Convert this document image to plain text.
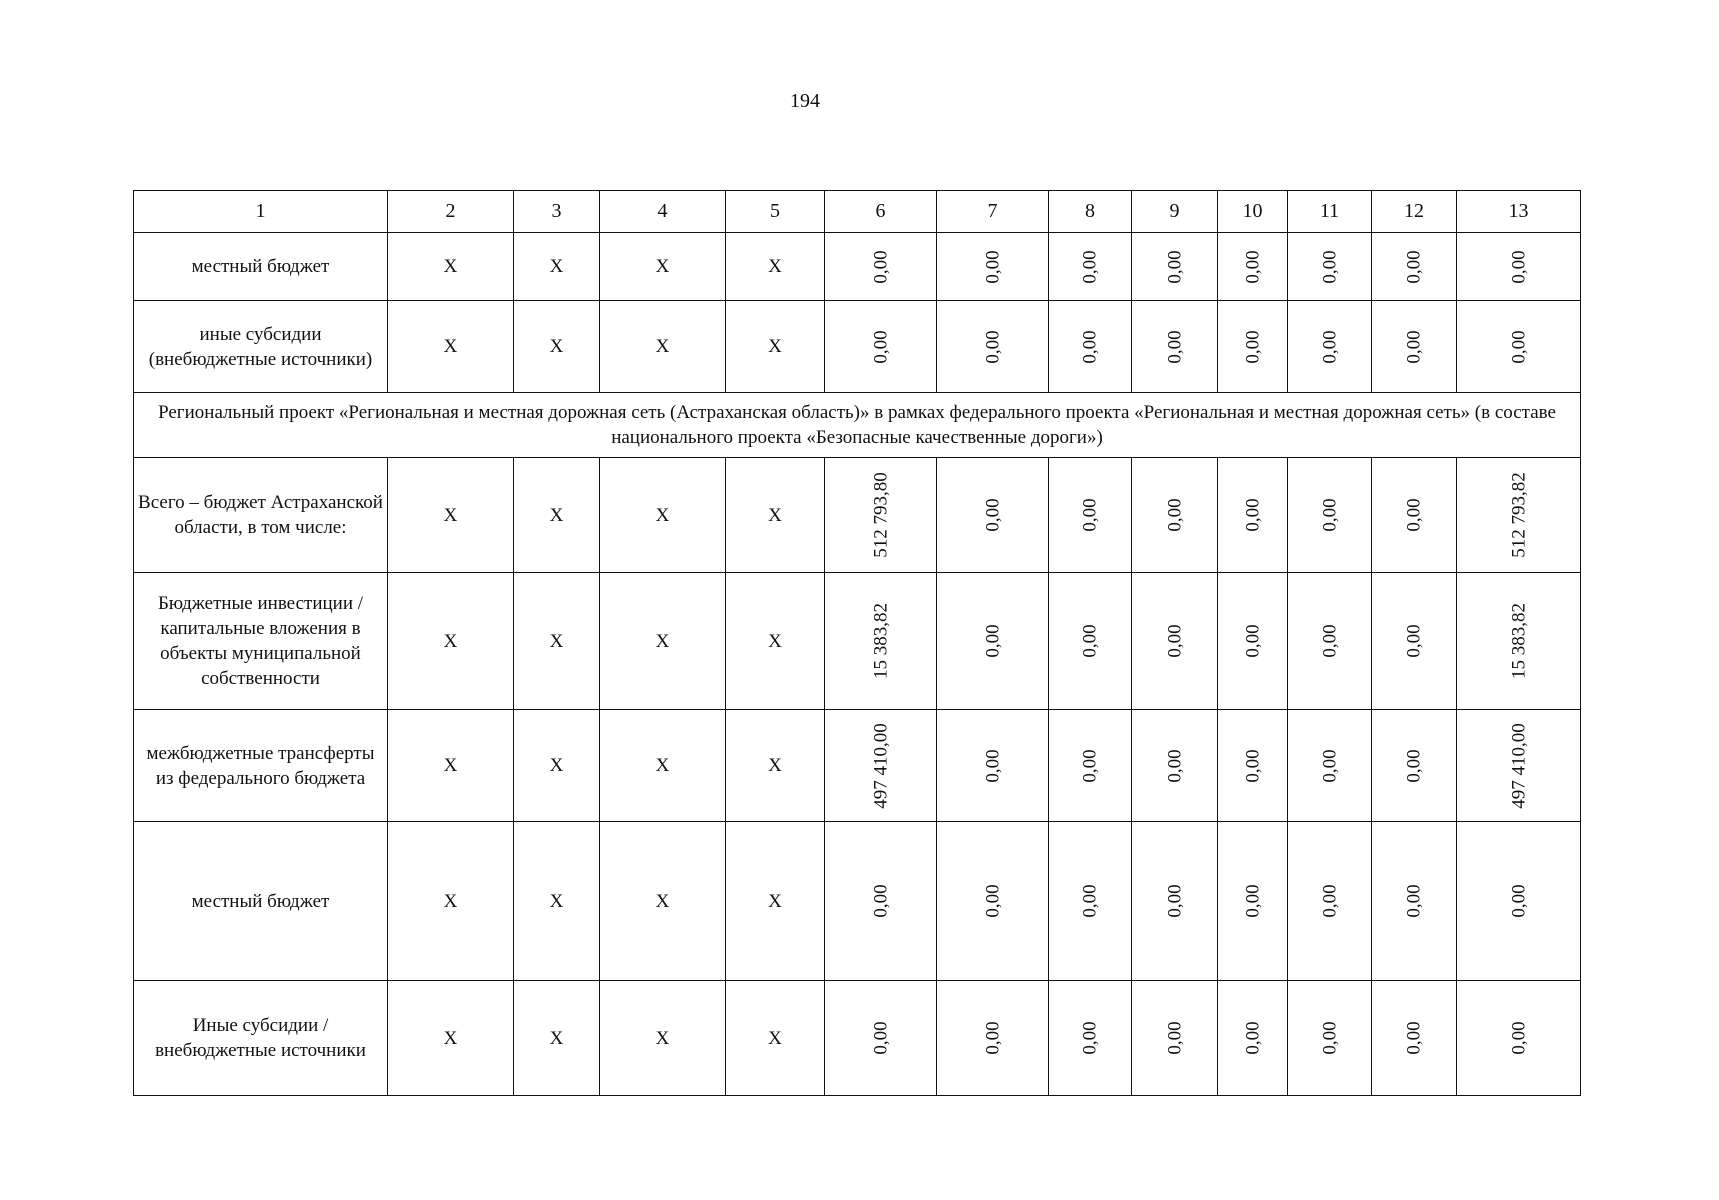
194
1	2	3	4	5	6	7	8	9	10	11	12	13
местный бюджет	Х	Х	Х	Х	0,00	0,00	0,00	0,00	0,00	0,00	0,00	0,00

иные субсидии (внебюджетные источники)	Х	Х	Х	Х	0,00	0,00	0,00	0,00	0,00	0,00	0,00	0,00

Региональный проект «Региональная и местная дорожная сеть (Астраханская область)» в рамках федерального проекта «Региональная и местная дорожная сеть» (в составе национального проекта «Безопасные качественные дороги»)												
Всего – бюджет Астраханской области, в том числе:	Х	Х	Х	Х	512 793,80	0,00	0,00	0,00	0,00	0,00	0,00	512 793,82

Бюджетные инвестиции / капитальные вложения в объекты муниципальной собственности	Х	Х	Х	Х	15 383,82	0,00	0,00	0,00	0,00	0,00	0,00	15 383,82

межбюджетные трансферты из федерального бюджета	Х	Х	Х	Х	497 410,00	0,00	0,00	0,00	0,00	0,00	0,00	497 410,00

местный бюджет	Х	Х	Х	Х	0,00	0,00	0,00	0,00	0,00	0,00	0,00	0,00

Иные субсидии / внебюджетные источники	Х	Х	Х	Х	0,00	0,00	0,00	0,00	0,00	0,00	0,00	0,00
